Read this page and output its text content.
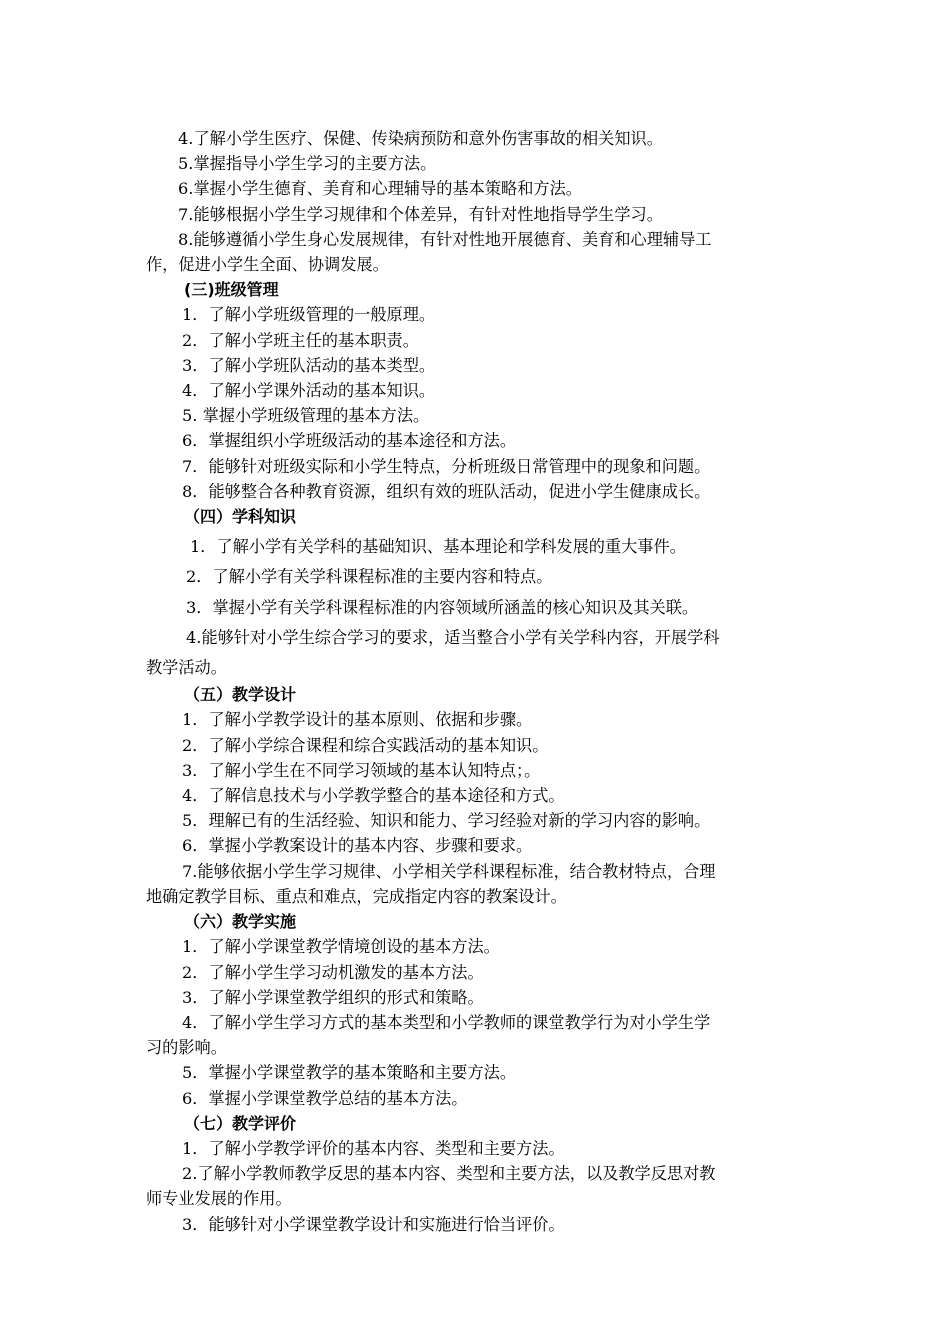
4.了解小学生医疗、保健、传染病预防和意外伤害事故的相关知识。

5.掌握指导小学生学习的主要方法。

6.掌握小学生德育、美育和心理辅导的基本策略和方法。

7.能够根据小学生学习规律和个体差异，有针对性地指导学生学习。

8.能够遵循小学生身心发展规律，有针对性地开展德育、美育和心理辅导工

作，促进小学生全面、协调发展。

(三)班级管理

1．了解小学班级管理的一般原理。

2．了解小学班主任的基本职责。

3．了解小学班队活动的基本类型。

4．了解小学课外活动的基本知识。

5. 掌握小学班级管理的基本方法。

6．掌握组织小学班级活动的基本途径和方法。

7．能够针对班级实际和小学生特点，分析班级日常管理中的现象和问题。

8．能够整合各种教育资源，组织有效的班队活动，促进小学生健康成长。

（四）学科知识

1．了解小学有关学科的基础知识、基本理论和学科发展的重大事件。

2．了解小学有关学科课程标准的主要内容和特点。

3．掌握小学有关学科课程标准的内容领域所涵盖的核心知识及其关联。

4.能够针对小学生综合学习的要求，适当整合小学有关学科内容，开展学科

教学活动。

（五）教学设计

1．了解小学教学设计的基本原则、依据和步骤。

2．了解小学综合课程和综合实践活动的基本知识。

3．了解小学生在不同学习领域的基本认知特点；。

4．了解信息技术与小学教学整合的基本途径和方式。

5．理解已有的生活经验、知识和能力、学习经验对新的学习内容的影响。

6．掌握小学教案设计的基本内容、步骤和要求。

7.能够依据小学生学习规律、小学相关学科课程标准，结合教材特点，合理

地确定教学目标、重点和难点，完成指定内容的教案设计。

（六）教学实施

1．了解小学课堂教学情境创设的基本方法。

2．了解小学生学习动机激发的基本方法。

3．了解小学课堂教学组织的形式和策略。

4．了解小学生学习方式的基本类型和小学教师的课堂教学行为对小学生学

习的影响。

5．掌握小学课堂教学的基本策略和主要方法。

6．掌握小学课堂教学总结的基本方法。

（七）教学评价

1．了解小学教学评价的基本内容、类型和主要方法。

2.了解小学教师教学反思的基本内容、类型和主要方法，以及教学反思对教

师专业发展的作用。

3．能够针对小学课堂教学设计和实施进行恰当评价。
